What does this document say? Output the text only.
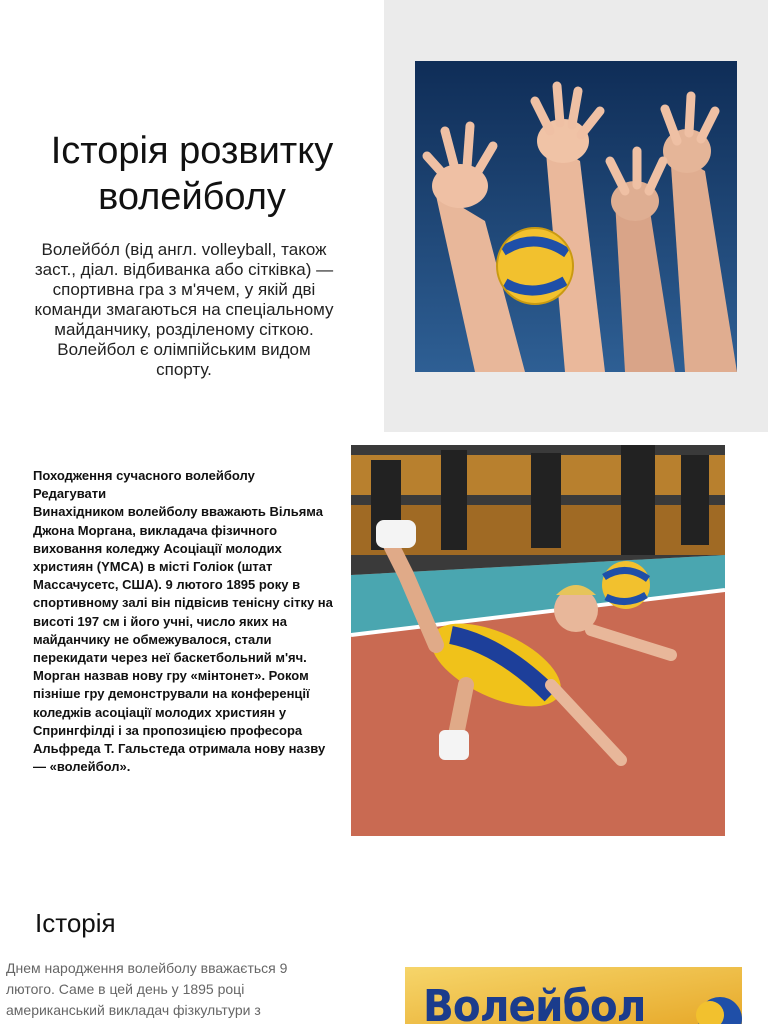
Історія розвитку
волейболу
Волейбо́л (від англ. volleyball, також заст., діал. відбиванка або сітківка) — спортивна гра з м'ячем, у якій дві команди змагаються на спеціальному майданчику, розділеному сіткою. Волейбол є олімпійським видом спорту.
Походження сучасного волейболу
Редагувати
Винахідником волейболу вважають Вільяма Джона Моргана, викладача фізичного виховання коледжу Асоціації молодих християн (YMCA) в місті Голіок (штат Массачусетс, США). 9 лютого 1895 року в спортивному залі він підвісив тенісну сітку на висоті 197 см і його учні, число яких на майданчику не обмежувалося, стали перекидати через неї баскетбольний м'яч. Морган назвав нову гру «мінтонет». Роком пізніше гру демонстрували на конференції коледжів асоціації молодих християн у Спрингфілді і за пропозицією професора Альфреда Т. Гальстеда отримала нову назву — «волейбол».
Історія
Днем народження волейболу вважається 9 лютого. Саме в цей день у 1895 році американський викладач фізкультури з	Волейбол
